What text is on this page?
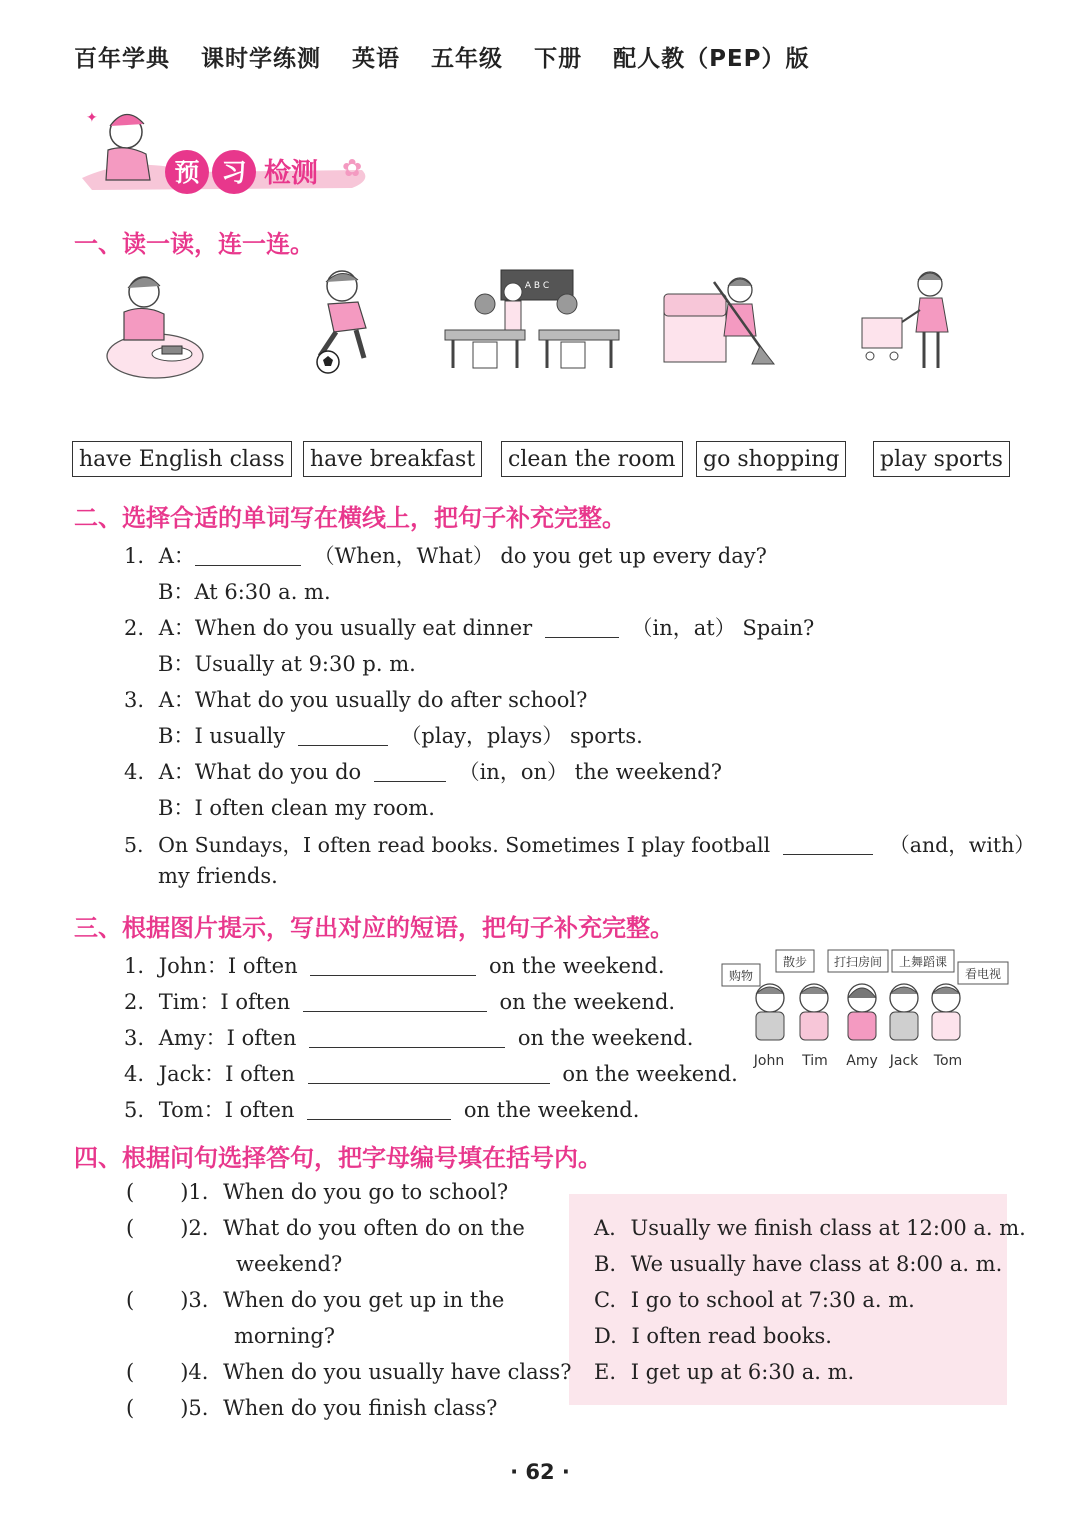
百年学典 课时学练测 英语 五年级 下册 配人教（PEP）版
✦
预 习 检测 ✿
一、读一读，连一连。
A B C
have English class	have breakfast	clean the room	go shopping	play sports
二、选择合适的单词写在横线上，把句子补充完整。
1. A：	（When，What） do you get up every day?
B：At 6:30 a. m.
2. A：When do you usually eat dinner	（in，at） Spain?
B：Usually at 9:30 p. m.
3. A：What do you usually do after school?
B：I usually	（play，plays） sports.
4. A：What do you do	（in，on） the weekend?
B：I often clean my room.
5. On Sundays，I often read books. Sometimes I play football	（and，with）
my friends.
三、根据图片提示，写出对应的短语，把句子补充完整。
1. John：I often	on the weekend.
2. Tim：I often	on the weekend.
3. Amy：I often	on the weekend.
4. Jack：I often	on the weekend.
5. Tom：I often	on the weekend.
购物
散步 打扫房间 上舞蹈课
看电视
John Tim Amy Jack Tom
四、根据问句选择答句，把字母编号填在括号内。
( )1. When do you go to school?
( )2. What do you often do on the
weekend?
( )3. When do you get up in the
morning?
( )4. When do you usually have class?
( )5. When do you finish class?
A. Usually we finish class at 12:00 a. m.
B. We usually have class at 8:00 a. m.
C. I go to school at 7:30 a. m.
D. I often read books.
E. I get up at 6:30 a. m.
· 62 ·
